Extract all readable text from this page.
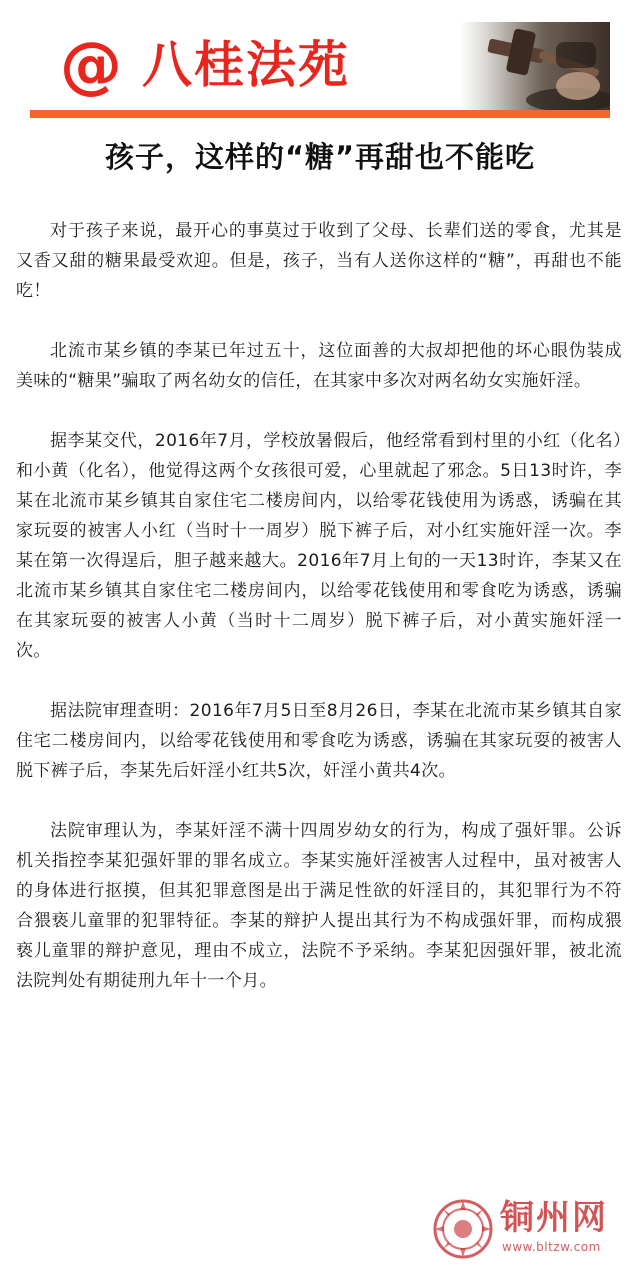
@ 八桂法苑
孩子，这样的“糖”再甜也不能吃

对于孩子来说，最开心的事莫过于收到了父母、长辈们送的零食，尤其是又香又甜的糖果最受欢迎。但是，孩子，当有人送你这样的“糖”，再甜也不能吃！

北流市某乡镇的李某已年过五十，这位面善的大叔却把他的坏心眼伪装成美味的“糖果”骗取了两名幼女的信任，在其家中多次对两名幼女实施奸淫。

据李某交代，2016年7月，学校放暑假后，他经常看到村里的小红（化名）和小黄（化名），他觉得这两个女孩很可爱，心里就起了邪念。5日13时许，李某在北流市某乡镇其自家住宅二楼房间内，以给零花钱使用为诱惑，诱骗在其家玩耍的被害人小红（当时十一周岁）脱下裤子后，对小红实施奸淫一次。李某在第一次得逞后，胆子越来越大。2016年7月上旬的一天13时许，李某又在北流市某乡镇其自家住宅二楼房间内，以给零花钱使用和零食吃为诱惑，诱骗在其家玩耍的被害人小黄（当时十二周岁）脱下裤子后，对小黄实施奸淫一次。

据法院审理查明：2016年7月5日至8月26日，李某在北流市某乡镇其自家住宅二楼房间内，以给零花钱使用和零食吃为诱惑，诱骗在其家玩耍的被害人脱下裤子后，李某先后奸淫小红共5次，奸淫小黄共4次。

法院审理认为，李某奸淫不满十四周岁幼女的行为，构成了强奸罪。公诉机关指控李某犯强奸罪的罪名成立。李某实施奸淫被害人过程中，虽对被害人的身体进行抠摸，但其犯罪意图是出于满足性欲的奸淫目的，其犯罪行为不符合猥亵儿童罪的犯罪特征。李某的辩护人提出其行为不构成强奸罪，而构成猥亵儿童罪的辩护意见，理由不成立，法院不予采纳。李某犯因强奸罪，被北流法院判处有期徒刑九年十一个月。

铜州网
www.bltzw.com
